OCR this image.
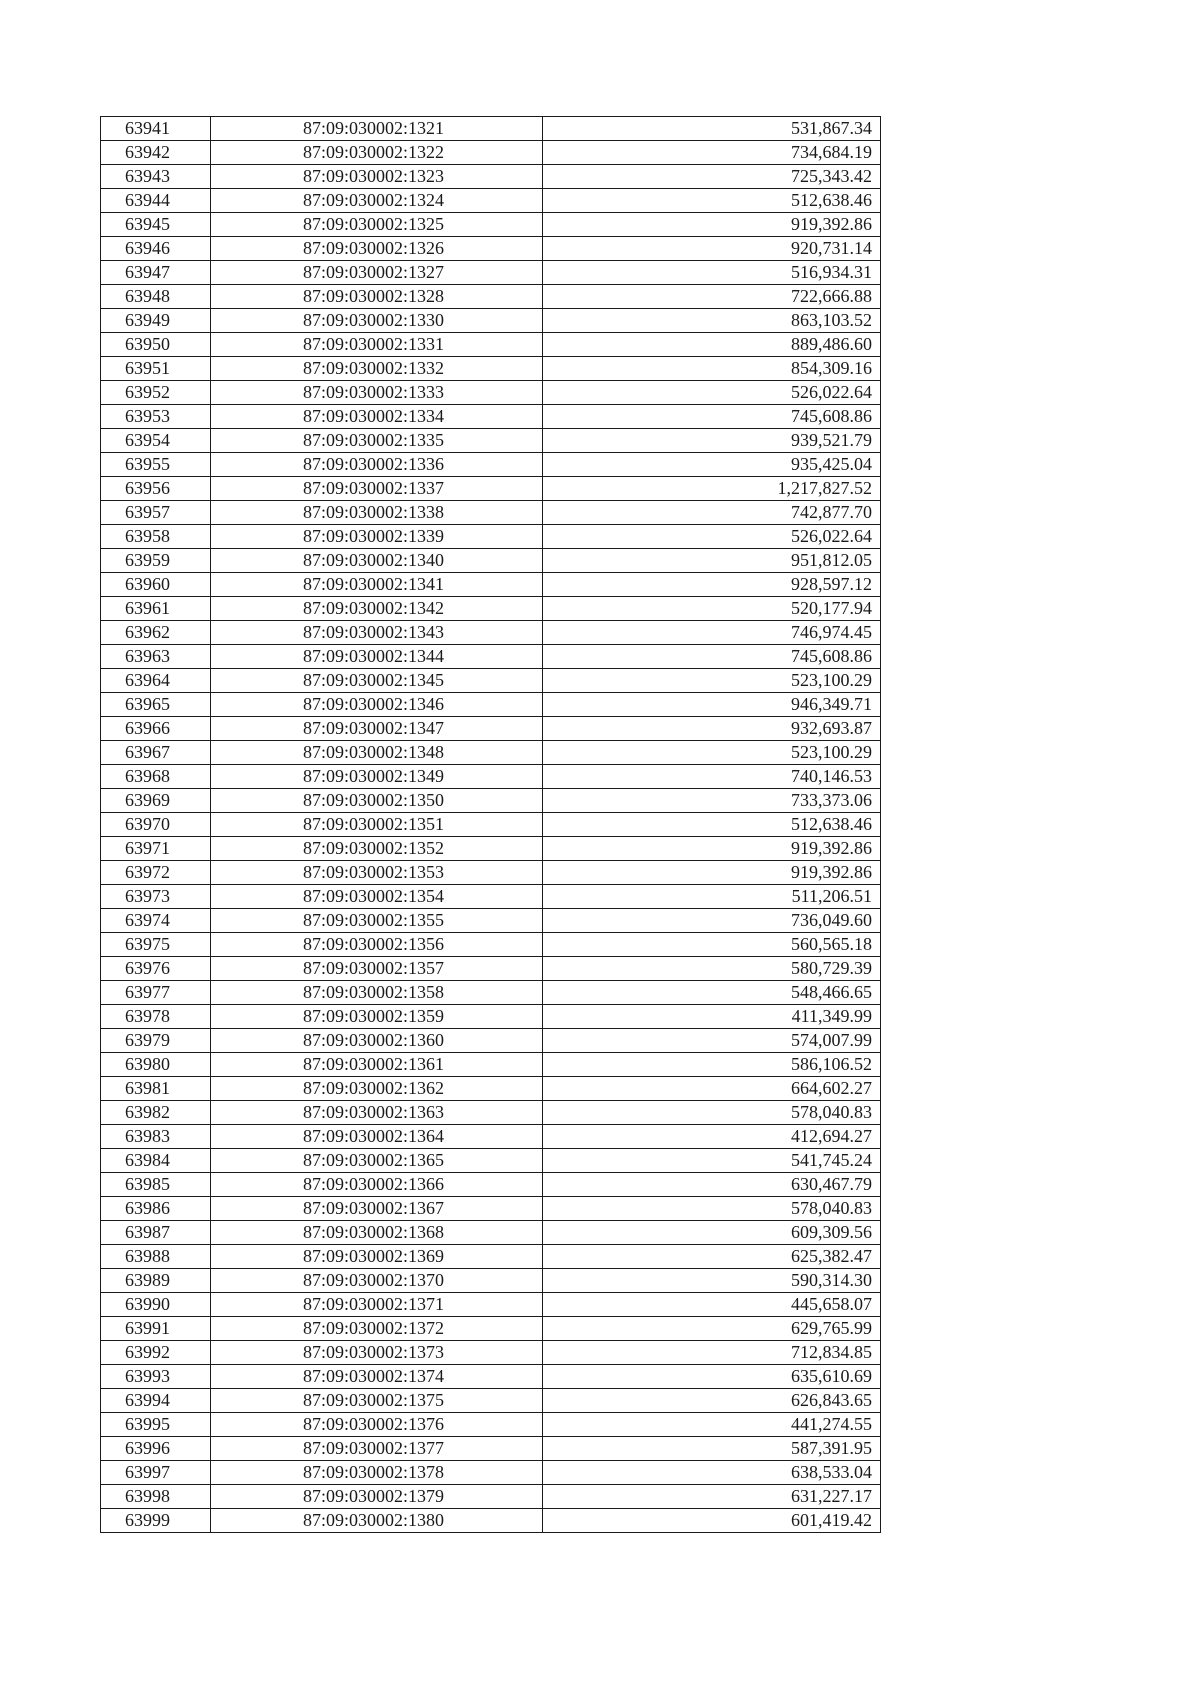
63941	87:09:030002:1321	531,867.34
63942	87:09:030002:1322	734,684.19
63943	87:09:030002:1323	725,343.42
63944	87:09:030002:1324	512,638.46
63945	87:09:030002:1325	919,392.86
63946	87:09:030002:1326	920,731.14
63947	87:09:030002:1327	516,934.31
63948	87:09:030002:1328	722,666.88
63949	87:09:030002:1330	863,103.52
63950	87:09:030002:1331	889,486.60
63951	87:09:030002:1332	854,309.16
63952	87:09:030002:1333	526,022.64
63953	87:09:030002:1334	745,608.86
63954	87:09:030002:1335	939,521.79
63955	87:09:030002:1336	935,425.04
63956	87:09:030002:1337	1,217,827.52
63957	87:09:030002:1338	742,877.70
63958	87:09:030002:1339	526,022.64
63959	87:09:030002:1340	951,812.05
63960	87:09:030002:1341	928,597.12
63961	87:09:030002:1342	520,177.94
63962	87:09:030002:1343	746,974.45
63963	87:09:030002:1344	745,608.86
63964	87:09:030002:1345	523,100.29
63965	87:09:030002:1346	946,349.71
63966	87:09:030002:1347	932,693.87
63967	87:09:030002:1348	523,100.29
63968	87:09:030002:1349	740,146.53
63969	87:09:030002:1350	733,373.06
63970	87:09:030002:1351	512,638.46
63971	87:09:030002:1352	919,392.86
63972	87:09:030002:1353	919,392.86
63973	87:09:030002:1354	511,206.51
63974	87:09:030002:1355	736,049.60
63975	87:09:030002:1356	560,565.18
63976	87:09:030002:1357	580,729.39
63977	87:09:030002:1358	548,466.65
63978	87:09:030002:1359	411,349.99
63979	87:09:030002:1360	574,007.99
63980	87:09:030002:1361	586,106.52
63981	87:09:030002:1362	664,602.27
63982	87:09:030002:1363	578,040.83
63983	87:09:030002:1364	412,694.27
63984	87:09:030002:1365	541,745.24
63985	87:09:030002:1366	630,467.79
63986	87:09:030002:1367	578,040.83
63987	87:09:030002:1368	609,309.56
63988	87:09:030002:1369	625,382.47
63989	87:09:030002:1370	590,314.30
63990	87:09:030002:1371	445,658.07
63991	87:09:030002:1372	629,765.99
63992	87:09:030002:1373	712,834.85
63993	87:09:030002:1374	635,610.69
63994	87:09:030002:1375	626,843.65
63995	87:09:030002:1376	441,274.55
63996	87:09:030002:1377	587,391.95
63997	87:09:030002:1378	638,533.04
63998	87:09:030002:1379	631,227.17
63999	87:09:030002:1380	601,419.42
